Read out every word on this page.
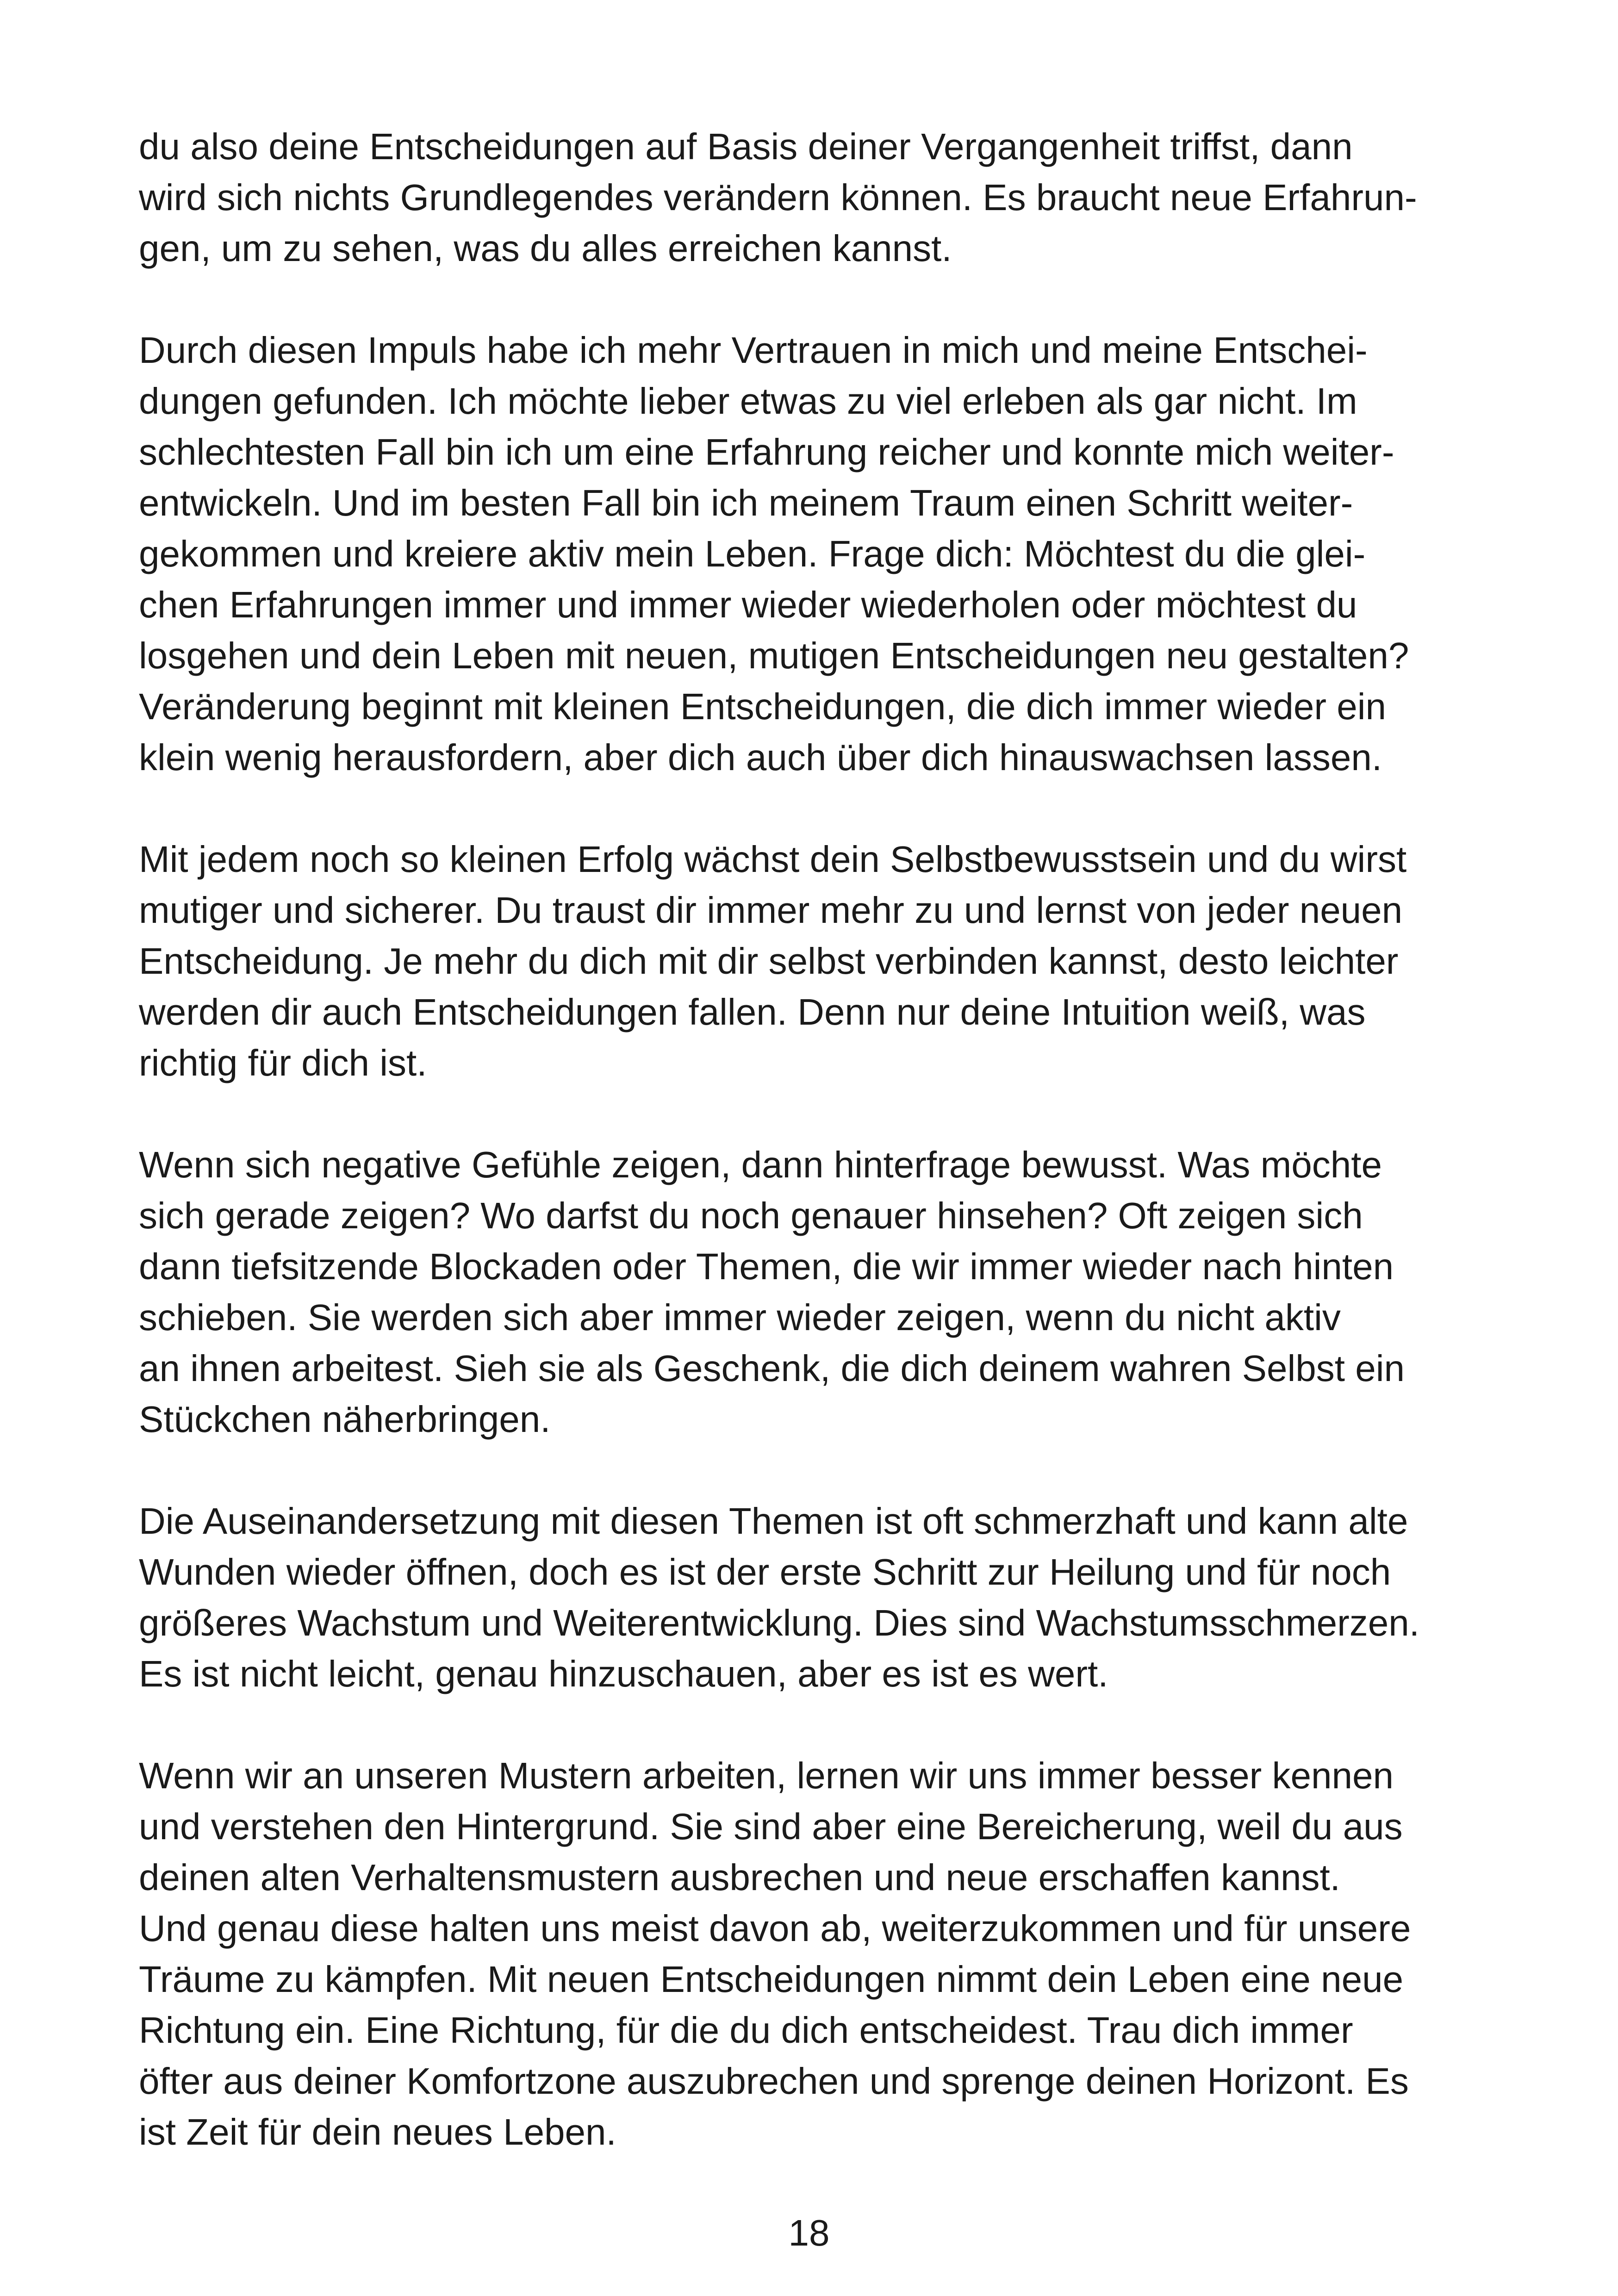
du also deine Entscheidungen auf Basis deiner Vergangenheit triffst, dann
wird sich nichts Grundlegendes verändern können. Es braucht neue Erfahrun-
gen, um zu sehen, was du alles erreichen kannst.

Durch diesen Impuls habe ich mehr Vertrauen in mich und meine Entschei-
dungen gefunden. Ich möchte lieber etwas zu viel erleben als gar nicht. Im
schlechtesten Fall bin ich um eine Erfahrung reicher und konnte mich weiter-
entwickeln. Und im besten Fall bin ich meinem Traum einen Schritt weiter-
gekommen und kreiere aktiv mein Leben. Frage dich: Möchtest du die glei-
chen Erfahrungen immer und immer wieder wiederholen oder möchtest du
losgehen und dein Leben mit neuen, mutigen Entscheidungen neu gestalten?
Veränderung beginnt mit kleinen Entscheidungen, die dich immer wieder ein
klein wenig herausfordern, aber dich auch über dich hinauswachsen lassen.

Mit jedem noch so kleinen Erfolg wächst dein Selbstbewusstsein und du wirst
mutiger und sicherer. Du traust dir immer mehr zu und lernst von jeder neuen
Entscheidung. Je mehr du dich mit dir selbst verbinden kannst, desto leichter
werden dir auch Entscheidungen fallen. Denn nur deine Intuition weiß, was
richtig für dich ist.

Wenn sich negative Gefühle zeigen, dann hinterfrage bewusst. Was möchte
sich gerade zeigen? Wo darfst du noch genauer hinsehen? Oft zeigen sich
dann tiefsitzende Blockaden oder Themen, die wir immer wieder nach hinten
schieben. Sie werden sich aber immer wieder zeigen, wenn du nicht aktiv
an ihnen arbeitest. Sieh sie als Geschenk, die dich deinem wahren Selbst ein
Stückchen näherbringen.

Die Auseinandersetzung mit diesen Themen ist oft schmerzhaft und kann alte
Wunden wieder öffnen, doch es ist der erste Schritt zur Heilung und für noch
größeres Wachstum und Weiterentwicklung. Dies sind Wachstumsschmerzen.
Es ist nicht leicht, genau hinzuschauen, aber es ist es wert.

Wenn wir an unseren Mustern arbeiten, lernen wir uns immer besser kennen
und verstehen den Hintergrund. Sie sind aber eine Bereicherung, weil du aus
deinen alten Verhaltensmustern ausbrechen und neue erschaffen kannst.
Und genau diese halten uns meist davon ab, weiterzukommen und für unsere
Träume zu kämpfen. Mit neuen Entscheidungen nimmt dein Leben eine neue
Richtung ein. Eine Richtung, für die du dich entscheidest. Trau dich immer
öfter aus deiner Komfortzone auszubrechen und sprenge deinen Horizont. Es
ist Zeit für dein neues Leben.

18
